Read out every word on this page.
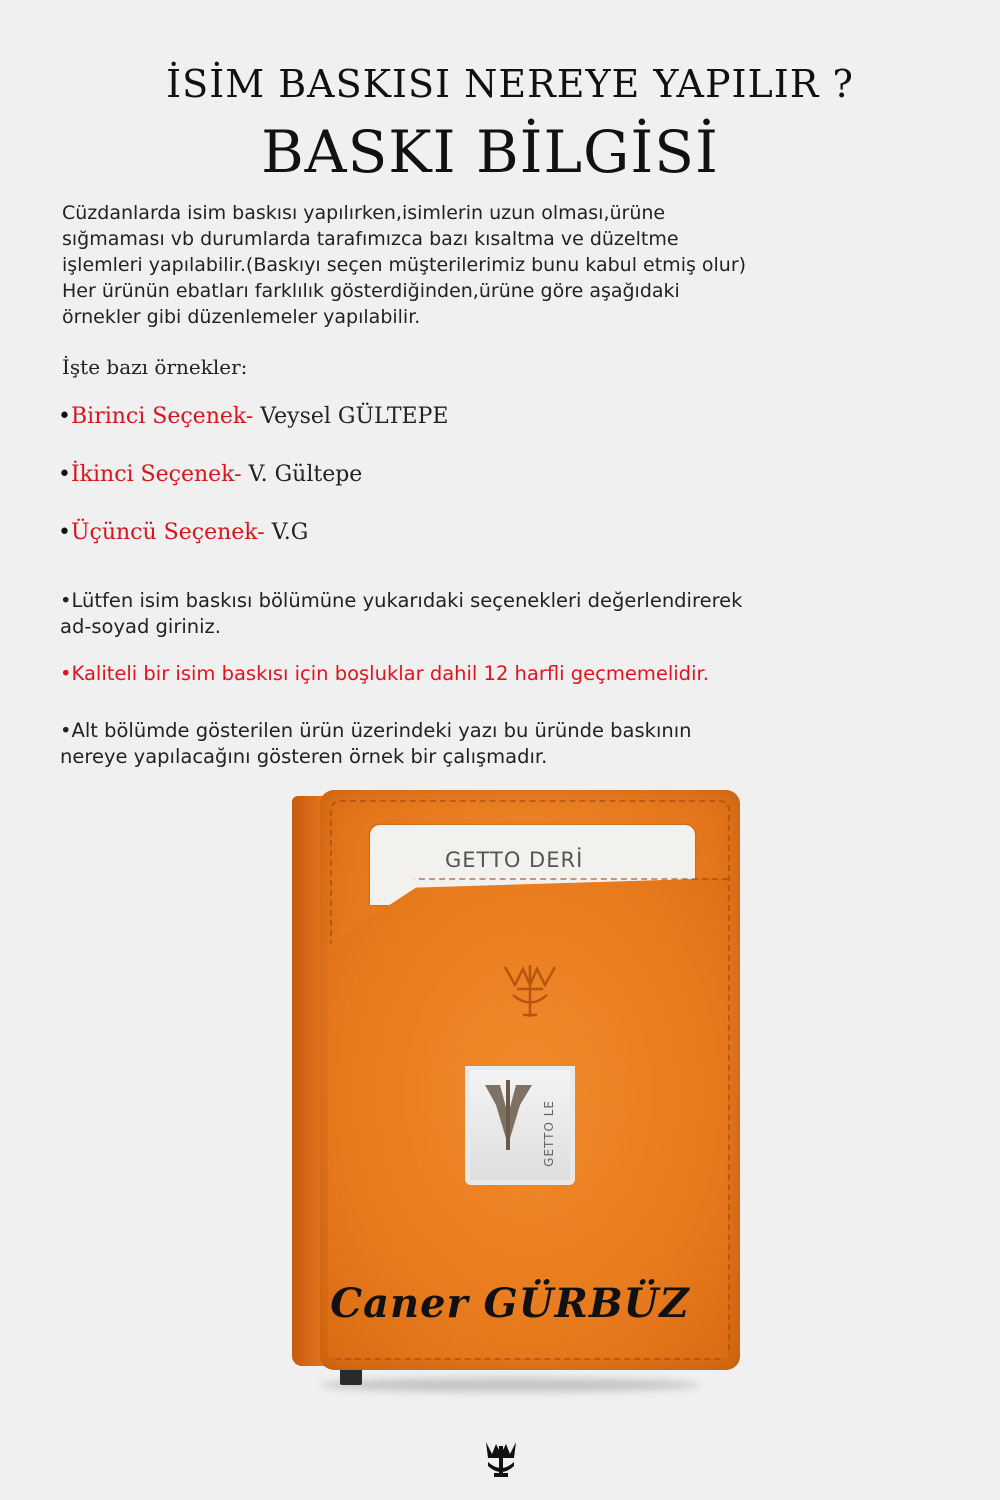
İSİM BASKISI NEREYE YAPILIR ?
BASKI BİLGİSİ
Cüzdanlarda isim baskısı yapılırken,isimlerin uzun olması,ürüne
sığmaması vb durumlarda tarafımızca bazı kısaltma ve düzeltme
işlemleri yapılabilir.(Baskıyı seçen müşterilerimiz bunu kabul etmiş olur)
Her ürünün ebatları farklılık gösterdiğinden,ürüne göre aşağıdaki
örnekler gibi düzenlemeler yapılabilir.
İşte bazı örnekler:
•Birinci Seçenek- Veysel GÜLTEPE
•İkinci Seçenek- V. Gültepe
•Üçüncü Seçenek- V.G
•Lütfen isim baskısı bölümüne yukarıdaki seçenekleri değerlendirerek
ad-soyad giriniz.
•Kaliteli bir isim baskısı için boşluklar dahil 12 harfli geçmemelidir.
•Alt bölümde gösterilen ürün üzerindeki yazı bu üründe baskının
nereye yapılacağını gösteren örnek bir çalışmadır.
GETTO DERİ
GETTO LE
Caner GÜRBÜZ
